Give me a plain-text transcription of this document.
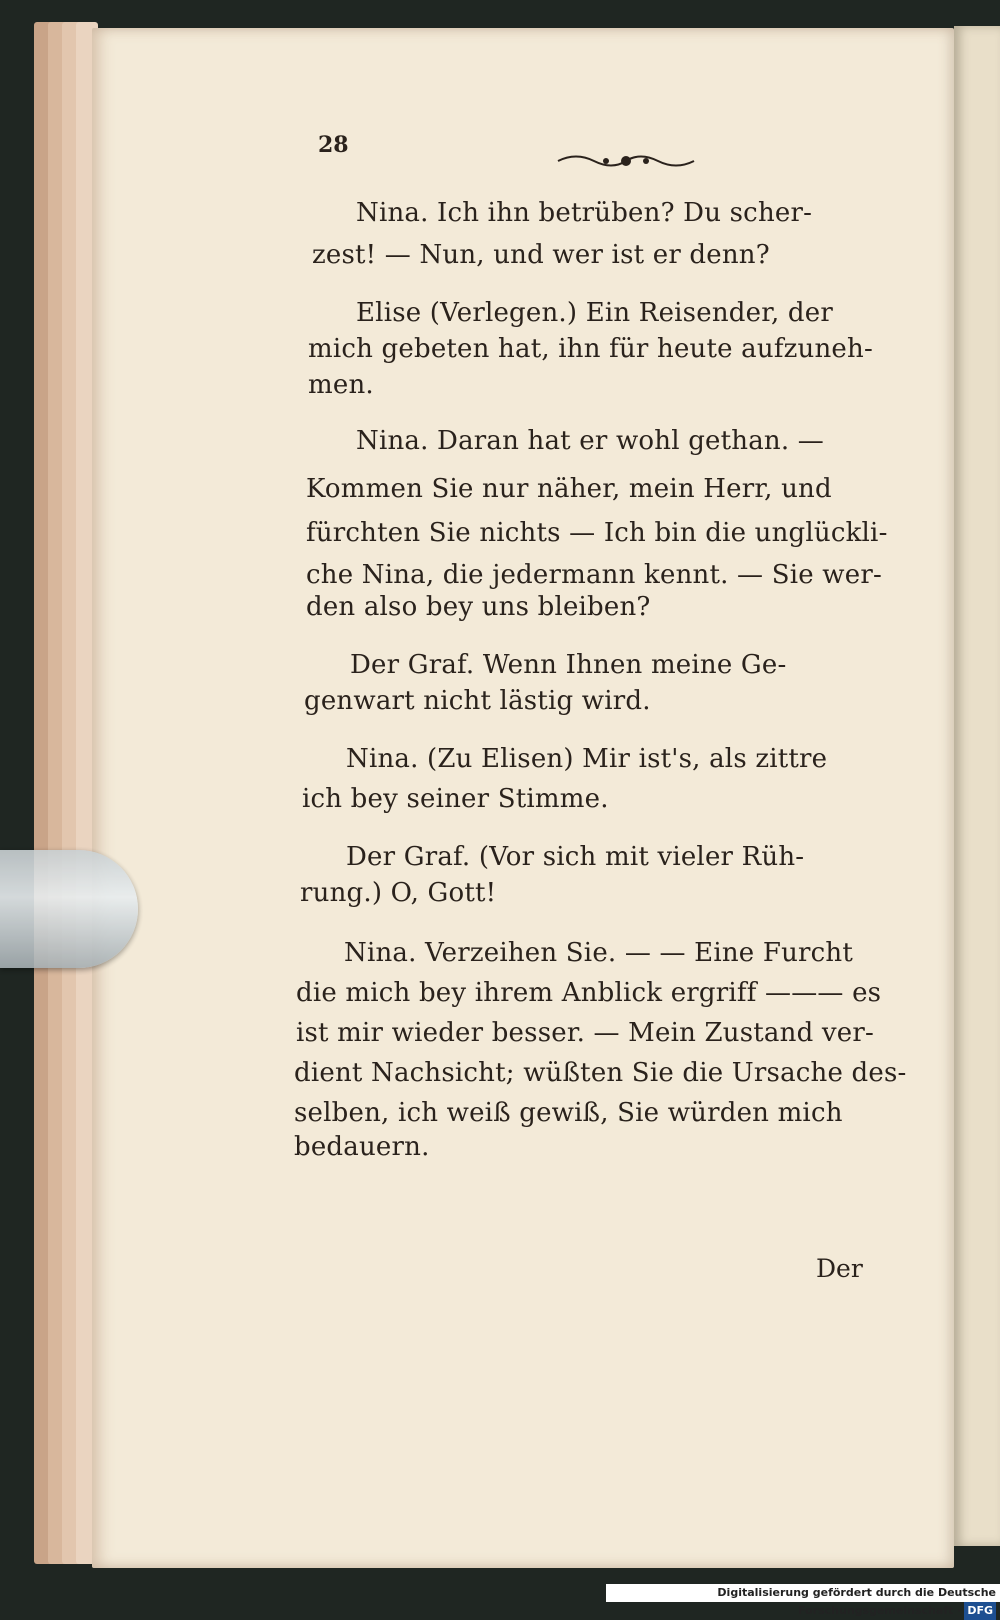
28
Nina. Ich ihn betrüben? Du scher-
zest! — Nun, und wer ist er denn?
Elise (Verlegen.) Ein Reisender, der
mich gebeten hat, ihn für heute aufzuneh-
men.
Nina. Daran hat er wohl gethan. —
Kommen Sie nur näher, mein Herr, und
fürchten Sie nichts — Ich bin die unglückli-
che Nina, die jedermann kennt. — Sie wer-
den also bey uns bleiben?
Der Graf. Wenn Ihnen meine Ge-
genwart nicht lästig wird.
Nina. (Zu Elisen) Mir ist's, als zittre
ich bey seiner Stimme.
Der Graf. (Vor sich mit vieler Rüh-
rung.) O, Gott!
Nina. Verzeihen Sie. — — Eine Furcht
die mich bey ihrem Anblick ergriff ——— es
ist mir wieder besser. — Mein Zustand ver-
dient Nachsicht; wüßten Sie die Ursache des-
selben, ich weiß gewiß, Sie würden mich
bedauern.
Der
Digitalisierung gefördert durch die Deutsche Forschungsgemeinschaft · DFG
